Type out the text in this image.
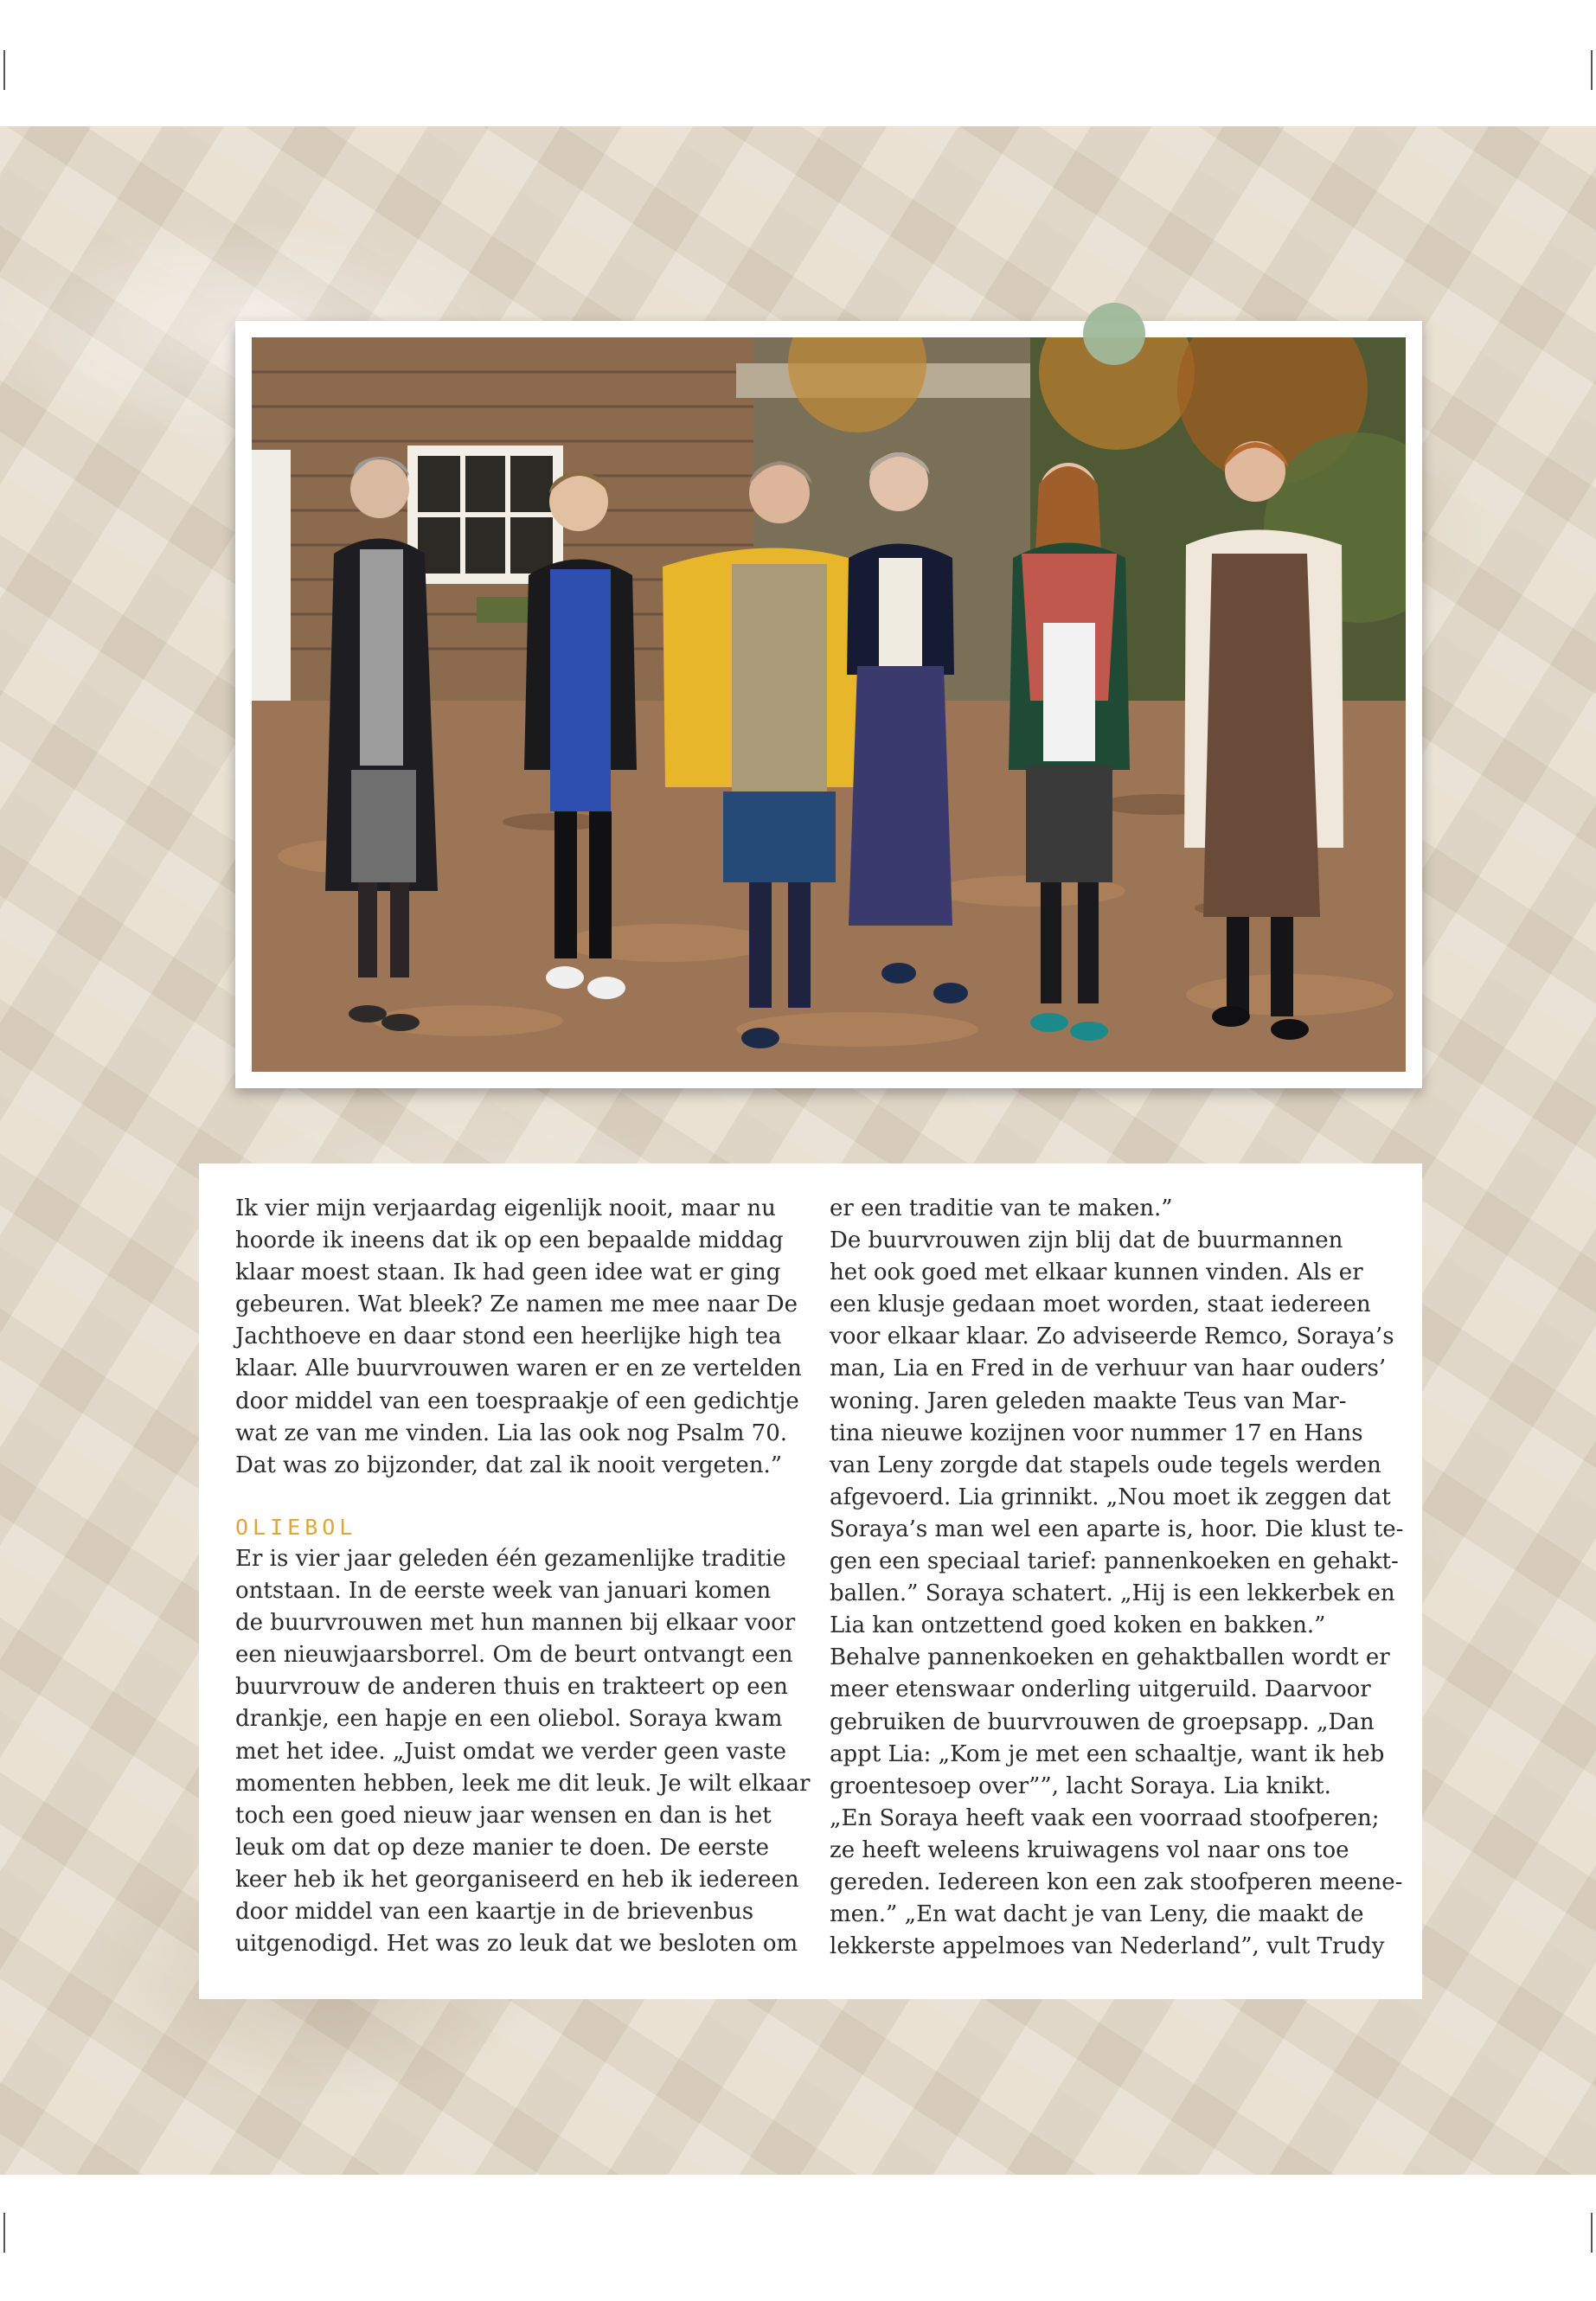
Ik vier mijn verjaardag eigenlijk nooit, maar nu

hoorde ik ineens dat ik op een bepaalde middag

klaar moest staan. Ik had geen idee wat er ging

gebeuren. Wat bleek? Ze namen me mee naar De

Jachthoeve en daar stond een heerlijke high tea

klaar. Alle buurvrouwen waren er en ze vertelden

door middel van een toespraakje of een gedichtje

wat ze van me vinden. Lia las ook nog Psalm 70.

Dat was zo bijzonder, dat zal ik nooit vergeten.”

OLIEBOL

Er is vier jaar geleden één gezamenlijke traditie

ontstaan. In de eerste week van januari komen

de buurvrouwen met hun mannen bij elkaar voor

een nieuwjaarsborrel. Om de beurt ontvangt een

buurvrouw de anderen thuis en trakteert op een

drankje, een hapje en een oliebol. Soraya kwam

met het idee. „Juist omdat we verder geen vaste

momenten hebben, leek me dit leuk. Je wilt elkaar

toch een goed nieuw jaar wensen en dan is het

leuk om dat op deze manier te doen. De eerste

keer heb ik het georganiseerd en heb ik iedereen

door middel van een kaartje in de brievenbus

uitgenodigd. Het was zo leuk dat we besloten om

er een traditie van te maken.”

De buurvrouwen zijn blij dat de buurmannen

het ook goed met elkaar kunnen vinden. Als er

een klusje gedaan moet worden, staat iedereen

voor elkaar klaar. Zo adviseerde Remco, Soraya’s

man, Lia en Fred in de verhuur van haar ouders’

woning. Jaren geleden maakte Teus van Mar-

tina nieuwe kozijnen voor nummer 17 en Hans

van Leny zorgde dat stapels oude tegels werden

afgevoerd. Lia grinnikt. „Nou moet ik zeggen dat

Soraya’s man wel een aparte is, hoor. Die klust te-

gen een speciaal tarief: pannenkoeken en gehakt-

ballen.” Soraya schatert. „Hij is een lekkerbek en

Lia kan ontzettend goed koken en bakken.”

Behalve pannenkoeken en gehaktballen wordt er

meer etenswaar onderling uitgeruild. Daarvoor

gebruiken de buurvrouwen de groepsapp. „Dan

appt Lia: „Kom je met een schaaltje, want ik heb

groentesoep over””, lacht Soraya. Lia knikt.

„En Soraya heeft vaak een voorraad stoofperen;

ze heeft weleens kruiwagens vol naar ons toe

gereden. Iedereen kon een zak stoofperen meene-

men.” „En wat dacht je van Leny, die maakt de

lekkerste appelmoes van Nederland”, vult Trudy
